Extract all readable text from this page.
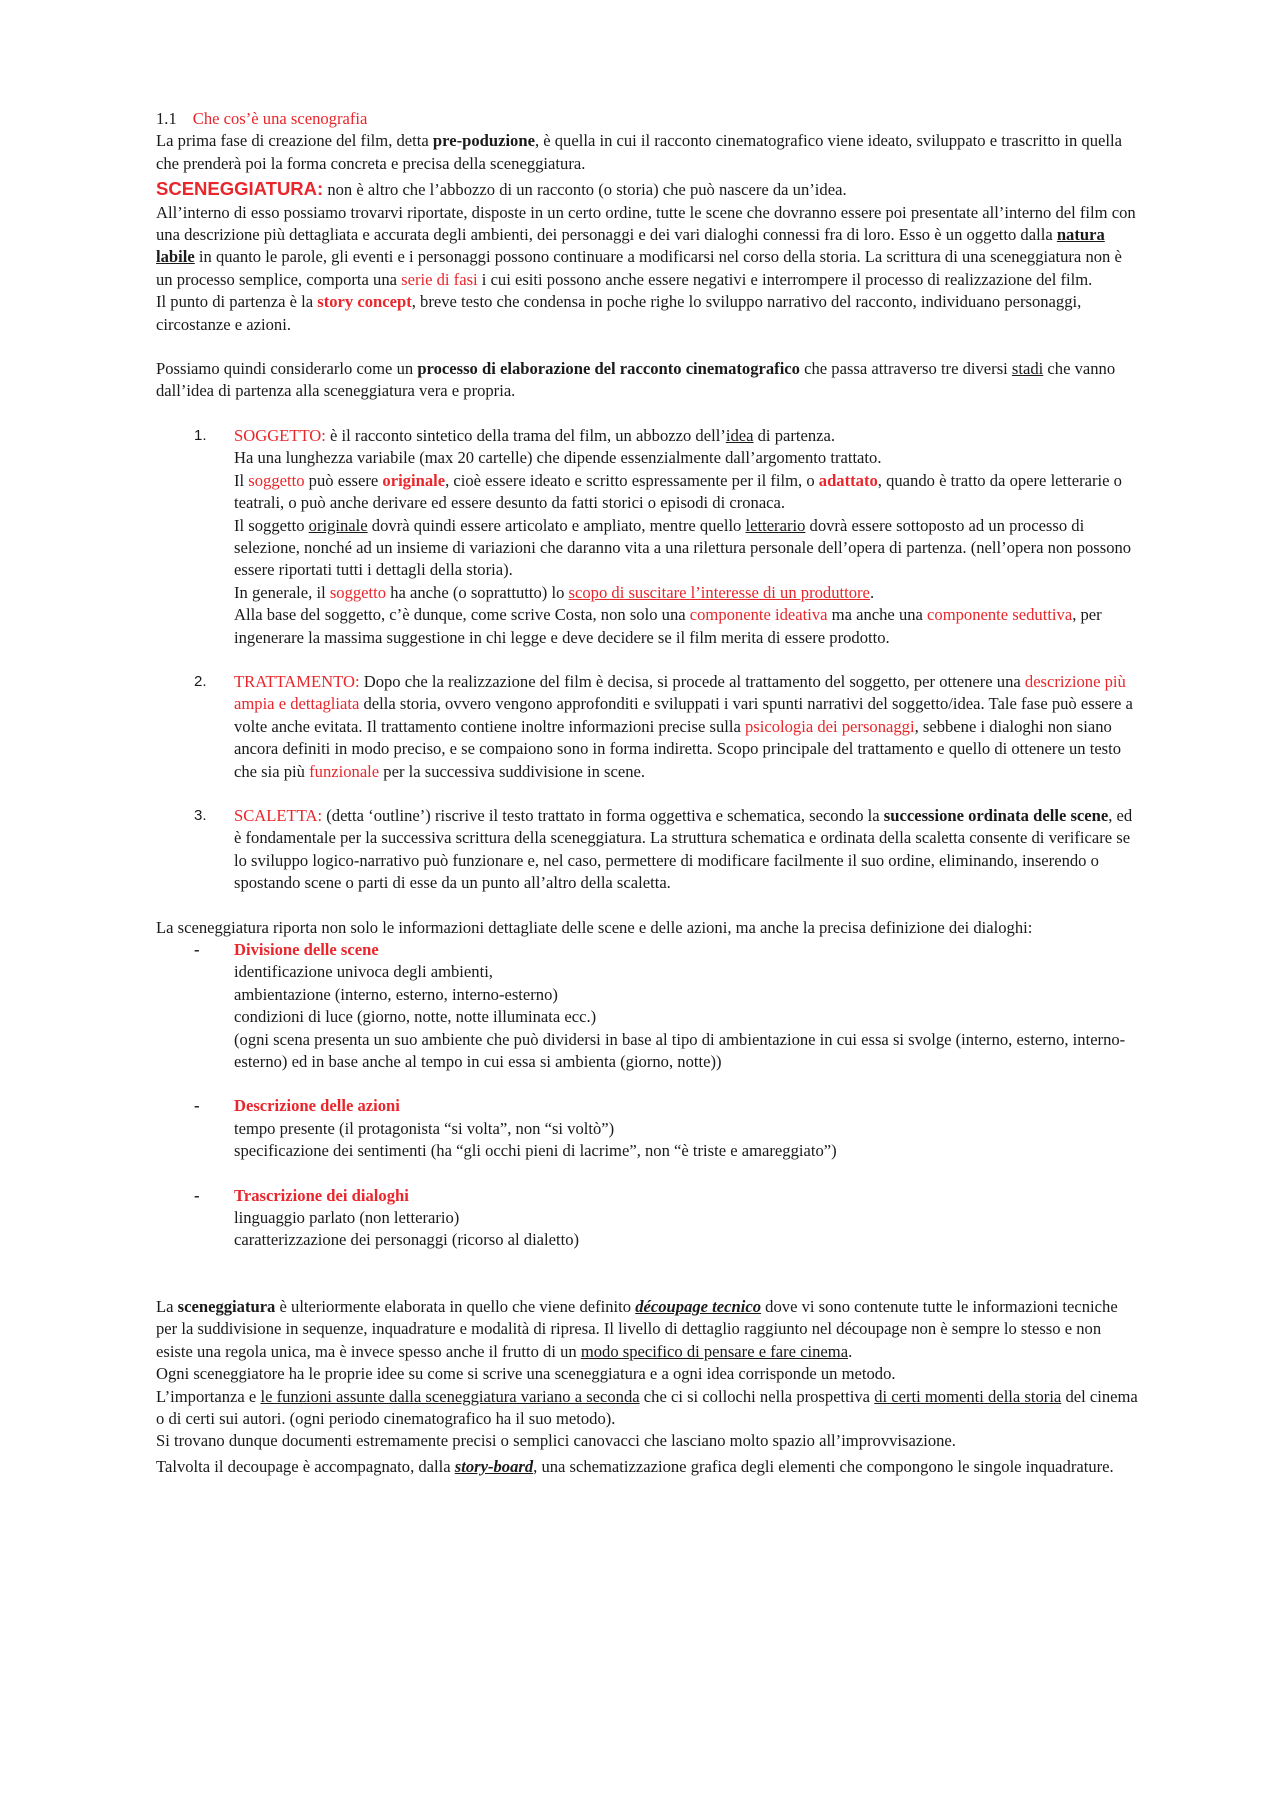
1.1 Che cos’è una scenografia

La prima fase di creazione del film, detta pre-poduzione, è quella in cui il racconto cinematografico viene ideato, sviluppato e trascritto in quella che prenderà poi la forma concreta e precisa della sceneggiatura.

SCENEGGIATURA: non è altro che l’abbozzo di un racconto (o storia) che può nascere da un’idea.

All’interno di esso possiamo trovarvi riportate, disposte in un certo ordine, tutte le scene che dovranno essere poi presentate all’interno del film con una descrizione più dettagliata e accurata degli ambienti, dei personaggi e dei vari dialoghi connessi fra di loro. Esso è un oggetto dalla natura labile in quanto le parole, gli eventi e i personaggi possono continuare a modificarsi nel corso della storia. La scrittura di una sceneggiatura non è un processo semplice, comporta una serie di fasi i cui esiti possono anche essere negativi e interrompere il processo di realizzazione del film.

Il punto di partenza è la story concept, breve testo che condensa in poche righe lo sviluppo narrativo del racconto, individuano personaggi, circostanze e azioni.

Possiamo quindi considerarlo come un processo di elaborazione del racconto cinematografico che passa attraverso tre diversi stadi che vanno dall’idea di partenza alla sceneggiatura vera e propria.

1. SOGGETTO: è il racconto sintetico della trama del film, un abbozzo dell’idea di partenza.

Ha una lunghezza variabile (max 20 cartelle) che dipende essenzialmente dall’argomento trattato.

Il soggetto può essere originale, cioè essere ideato e scritto espressamente per il film, o adattato, quando è tratto da opere letterarie o teatrali, o può anche derivare ed essere desunto da fatti storici o episodi di cronaca.

Il soggetto originale dovrà quindi essere articolato e ampliato, mentre quello letterario dovrà essere sottoposto ad un processo di selezione, nonché ad un insieme di variazioni che daranno vita a una rilettura personale dell’opera di partenza. (nell’opera non possono essere riportati tutti i dettagli della storia).

In generale, il soggetto ha anche (o soprattutto) lo scopo di suscitare l’interesse di un produttore.

Alla base del soggetto, c’è dunque, come scrive Costa, non solo una componente ideativa ma anche una componente seduttiva, per ingenerare la massima suggestione in chi legge e deve decidere se il film merita di essere prodotto.

2. TRATTAMENTO: Dopo che la realizzazione del film è decisa, si procede al trattamento del soggetto, per ottenere una descrizione più ampia e dettagliata della storia, ovvero vengono approfonditi e sviluppati i vari spunti narrativi del soggetto/idea. Tale fase può essere a volte anche evitata. Il trattamento contiene inoltre informazioni precise sulla psicologia dei personaggi, sebbene i dialoghi non siano ancora definiti in modo preciso, e se compaiono sono in forma indiretta. Scopo principale del trattamento e quello di ottenere un testo che sia più funzionale per la successiva suddivisione in scene.

3. SCALETTA: (detta ‘outline’) riscrive il testo trattato in forma oggettiva e schematica, secondo la successione ordinata delle scene, ed è fondamentale per la successiva scrittura della sceneggiatura. La struttura schematica e ordinata della scaletta consente di verificare se lo sviluppo logico-narrativo può funzionare e, nel caso, permettere di modificare facilmente il suo ordine, eliminando, inserendo o spostando scene o parti di esse da un punto all’altro della scaletta.

La sceneggiatura riporta non solo le informazioni dettagliate delle scene e delle azioni, ma anche la precisa definizione dei dialoghi:

- Divisione delle scene

identificazione univoca degli ambienti,

ambientazione (interno, esterno, interno-esterno)

condizioni di luce (giorno, notte, notte illuminata ecc.)

(ogni scena presenta un suo ambiente che può dividersi in base al tipo di ambientazione in cui essa si svolge (interno, esterno, interno-esterno) ed in base anche al tempo in cui essa si ambienta (giorno, notte))

- Descrizione delle azioni

tempo presente (il protagonista “si volta”, non “si voltò”)

specificazione dei sentimenti (ha “gli occhi pieni di lacrime”, non “è triste e amareggiato”)

- Trascrizione dei dialoghi

linguaggio parlato (non letterario)

caratterizzazione dei personaggi (ricorso al dialetto)

La sceneggiatura è ulteriormente elaborata in quello che viene definito découpage tecnico dove vi sono contenute tutte le informazioni tecniche per la suddivisione in sequenze, inquadrature e modalità di ripresa. Il livello di dettaglio raggiunto nel découpage non è sempre lo stesso e non esiste una regola unica, ma è invece spesso anche il frutto di un modo specifico di pensare e fare cinema.

Ogni sceneggiatore ha le proprie idee su come si scrive una sceneggiatura e a ogni idea corrisponde un metodo.

L’importanza e le funzioni assunte dalla sceneggiatura variano a seconda che ci si collochi nella prospettiva di certi momenti della storia del cinema o di certi sui autori. (ogni periodo cinematografico ha il suo metodo).

Si trovano dunque documenti estremamente precisi o semplici canovacci che lasciano molto spazio all’improvvisazione.

Talvolta il decoupage è accompagnato, dalla story-board, una schematizzazione grafica degli elementi che compongono le singole inquadrature.
